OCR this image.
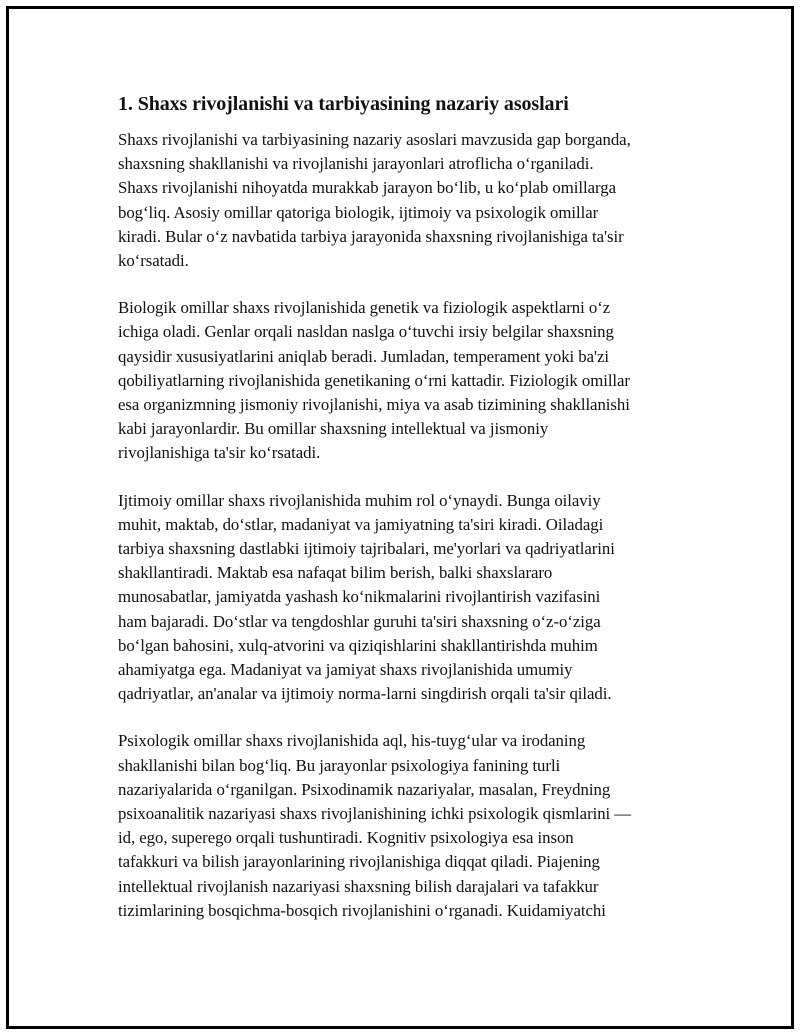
1. Shaxs rivojlanishi va tarbiyasining nazariy asoslari
Shaxs rivojlanishi va tarbiyasining nazariy asoslari mavzusida gap borganda,
shaxsning shakllanishi va rivojlanishi jarayonlari atroflicha o‘rganiladi.
Shaxs rivojlanishi nihoyatda murakkab jarayon bo‘lib, u ko‘plab omillarga
bog‘liq. Asosiy omillar qatoriga biologik, ijtimoiy va psixologik omillar
kiradi. Bular o‘z navbatida tarbiya jarayonida shaxsning rivojlanishiga ta'sir
ko‘rsatadi.
Biologik omillar shaxs rivojlanishida genetik va fiziologik aspektlarni o‘z
ichiga oladi. Genlar orqali nasldan naslga o‘tuvchi irsiy belgilar shaxsning
qaysidir xususiyatlarini aniqlab beradi. Jumladan, temperament yoki ba'zi
qobiliyatlarning rivojlanishida genetikaning o‘rni kattadir. Fiziologik omillar
esa organizmning jismoniy rivojlanishi, miya va asab tizimining shakllanishi
kabi jarayonlardir. Bu omillar shaxsning intellektual va jismoniy
rivojlanishiga ta'sir ko‘rsatadi.
Ijtimoiy omillar shaxs rivojlanishida muhim rol o‘ynaydi. Bunga oilaviy
muhit, maktab, do‘stlar, madaniyat va jamiyatning ta'siri kiradi. Oiladagi
tarbiya shaxsning dastlabki ijtimoiy tajribalari, me'yorlari va qadriyatlarini
shakllantiradi. Maktab esa nafaqat bilim berish, balki shaxslararo
munosabatlar, jamiyatda yashash ko‘nikmalarini rivojlantirish vazifasini
ham bajaradi. Do‘stlar va tengdoshlar guruhi ta'siri shaxsning o‘z-o‘ziga
bo‘lgan bahosini, xulq-atvorini va qiziqishlarini shakllantirishda muhim
ahamiyatga ega. Madaniyat va jamiyat shaxs rivojlanishida umumiy
qadriyatlar, an'analar va ijtimoiy norma-larni singdirish orqali ta'sir qiladi.
Psixologik omillar shaxs rivojlanishida aql, his-tuyg‘ular va irodaning
shakllanishi bilan bog‘liq. Bu jarayonlar psixologiya fanining turli
nazariyalarida o‘rganilgan. Psixodinamik nazariyalar, masalan, Freydning
psixoanalitik nazariyasi shaxs rivojlanishining ichki psixologik qismlarini —
id, ego, superego orqali tushuntiradi. Kognitiv psixologiya esa inson
tafakkuri va bilish jarayonlarining rivojlanishiga diqqat qiladi. Piajening
intellektual rivojlanish nazariyasi shaxsning bilish darajalari va tafakkur
tizimlarining bosqichma-bosqich rivojlanishini o‘rganadi. Kuidamiyatchi
